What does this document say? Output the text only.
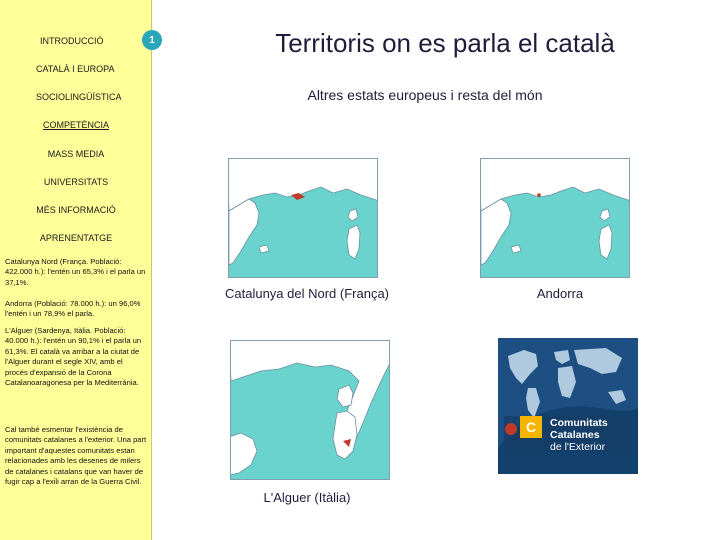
INTRODUCCIÓ
CATALÀ I EUROPA
SOCIOLINGÜÍSTICA
COMPETÈNCIA
MASS MEDIA
UNIVERSITATS
MÉS INFORMACIÓ
APRENENTATGE
Catalunya Nord (França. Població: 422.000 h.): l'entén un 65,3% i el parla un 37,1%.
Andorra (Població: 78.000 h.): un 96,0% l'entén i un 78,9% el parla.
L'Alguer (Sardenya, Itàlia. Població: 40.000 h.): l'entén un 90,1% i el parla un 61,3%. El català va arribar a la ciutat de l'Alguer durant el segle XIV, amb el procés d'expansió de la Corona Catalanoaragonesa per la Mediterrània.
Cal també esmentar l'existència de comunitats catalanes a l'exterior. Una part important d'aquestes comunitats estan relacionades amb les desenes de milers de catalanes i catalans que van haver de fugir cap a l'exili arran de la Guerra Civil.
1	Territoris on es parla el català
Altres estats europeus i resta del món
Catalunya del Nord (França)	Andorra
L'Alguer (Itàlia)
C	Comunitats
Catalanes
de l'Exterior
